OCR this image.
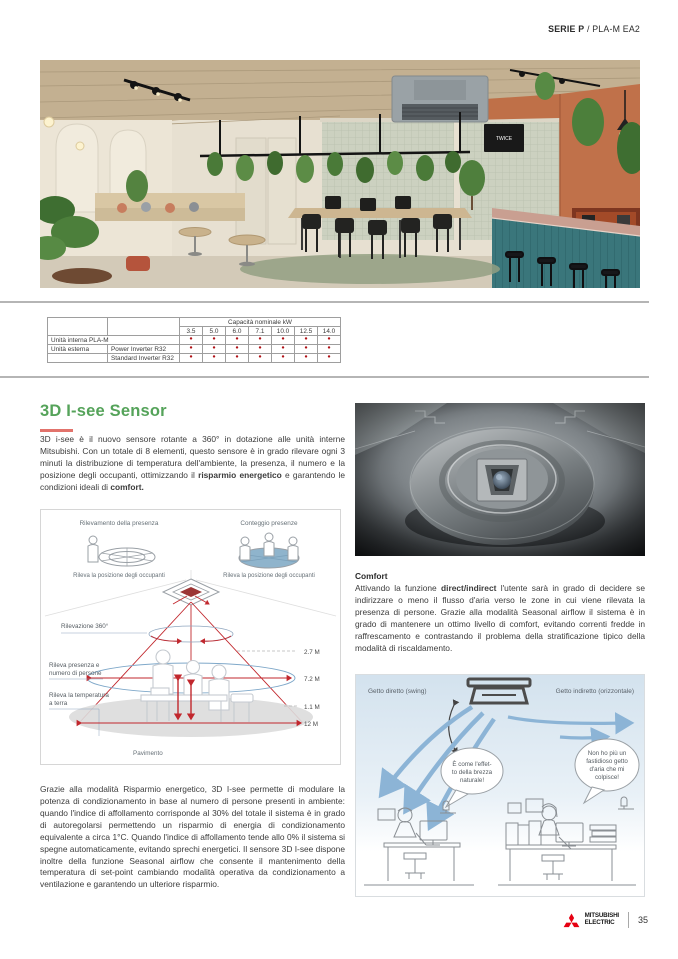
SERIE P / PLA-M EA2
TWICE
		Capacità nominale kW						
		3.5	5.0	6.0	7.1	10.0	12.5	14.0
Unità interna PLA-M		●	●	●	●	●	●	●
Unità esterna	Power Inverter R32	●	●	●	●	●	●	●
	Standard Inverter R32	●	●	●	●	●	●	●
3D I-see Sensor

3D i-see è il nuovo sensore rotante a 360° in dotazione alle unità interne Mitsubishi. Con un totale di 8 elementi, questo sensore è in grado rilevare ogni 3 minuti la distribuzione di temperatura dell'ambiente, la presenza, il numero e la posizione degli occupanti, ottimizzando il risparmio energetico e garantendo le condizioni ideali di comfort.

Rilevamento della presenza	Conteggio presenze
Rileva la posizione degli occupanti	Rileva la posizione degli occupanti
Rilevazione 360°
2.7 M
7.2 M
Rileva presenza e
numero di persone
Rileva la temperatura
a terra
1.1 M
12 M
Pavimento

Grazie alla modalità Risparmio energetico, 3D I-see permette di modulare la potenza di condizionamento in base al numero di persone presenti in ambiente: quando l'indice di affollamento corrisponde al 30% del totale il sistema è in grado di autoregolarsi permettendo un risparmio di energia di condizionamento equivalente a circa 1°C. Quando l'indice di affollamento tende allo 0% il sistema si spegne automaticamente, evitando sprechi energetici. Il sensore 3D I-see dispone inoltre della funzione Seasonal airflow che consente il mantenimento della temperatura di set-point cambiando modalità operativa da condizionamento a ventilazione e garantendo un ulteriore risparmio.

Comfort

Attivando la funzione direct/indirect l'utente sarà in grado di decidere se indirizzare o meno il flusso d'aria verso le zone in cui viene rilevata la presenza di persone. Grazie alla modalità Seasonal airflow il sistema è in grado di mantenere un ottimo livello di comfort, evitando correnti fredde in raffrescamento e contrastando il problema della stratificazione tipico della modalità di riscaldamento.

Getto diretto (swing)	Getto indiretto (orizzontale)
È come l'effet-
to della brezza
naturale!
Non ho più un
fastidioso getto
d'aria che mi
colpisce!
MITSUBISHI
ELECTRIC	35
